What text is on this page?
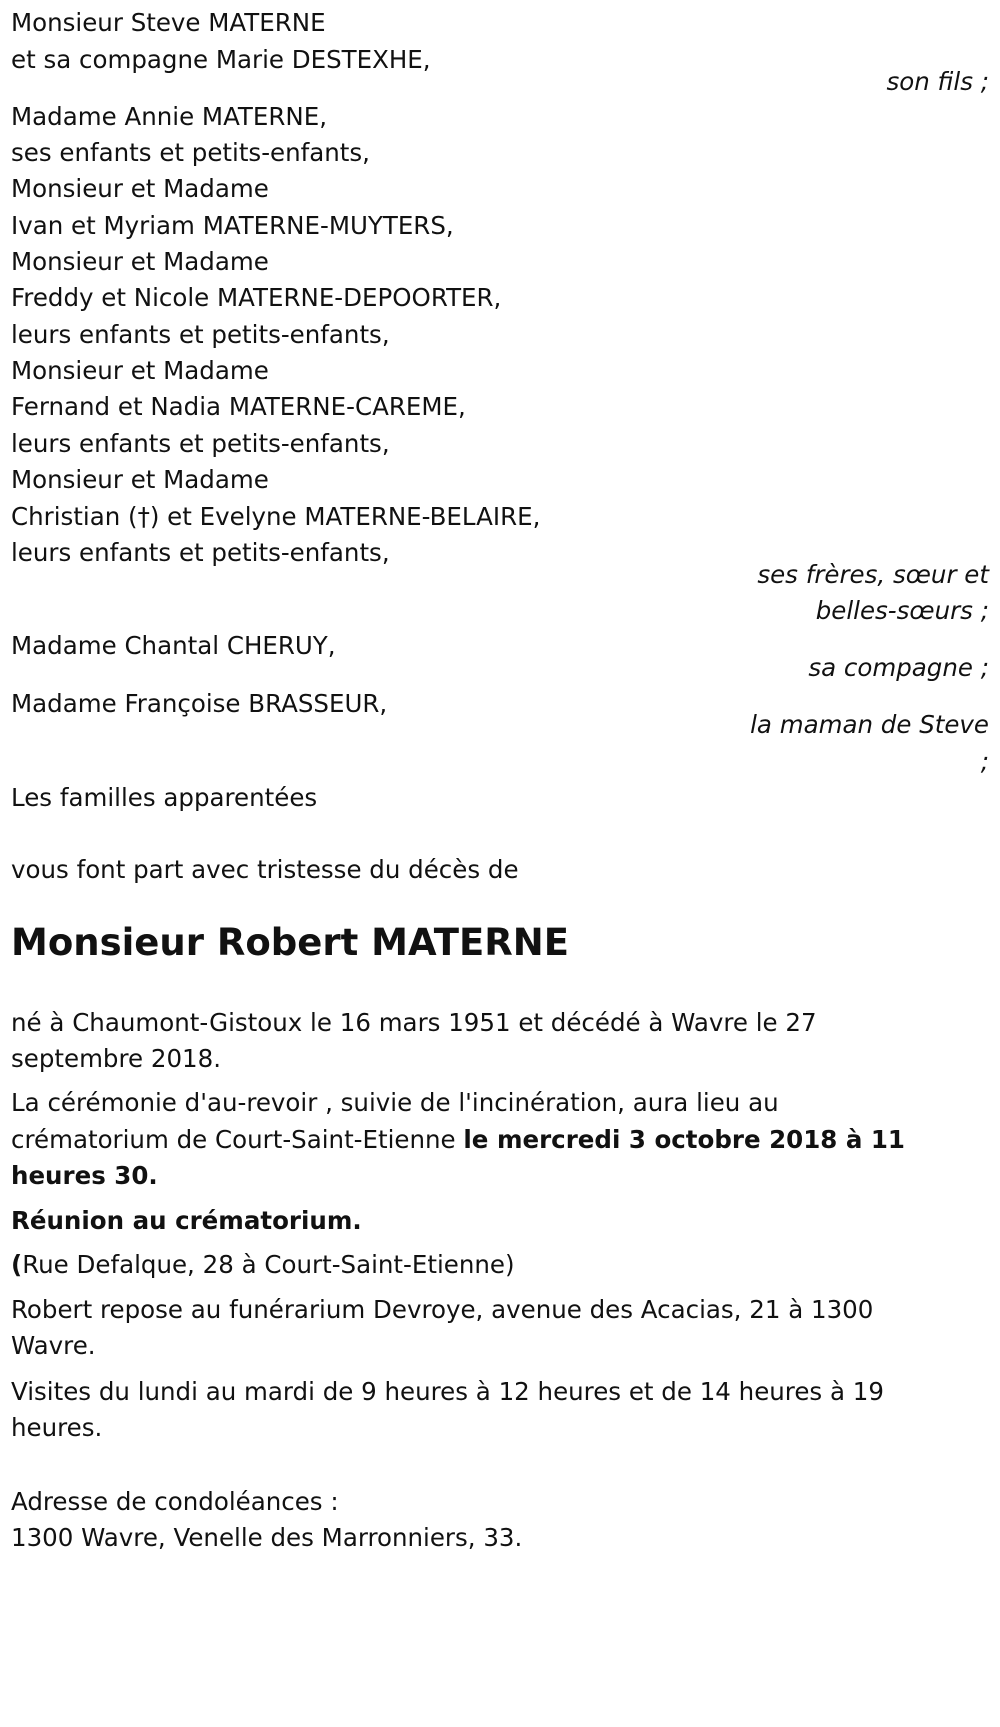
Monsieur Steve MATERNE
et sa compagne Marie DESTEXHE,
son fils ;
Madame Annie MATERNE,
ses enfants et petits-enfants,
Monsieur et Madame
Ivan et Myriam MATERNE-MUYTERS,
Monsieur et Madame
Freddy et Nicole MATERNE-DEPOORTER,
leurs enfants et petits-enfants,
Monsieur et Madame
Fernand et Nadia MATERNE-CAREME,
leurs enfants et petits-enfants,
Monsieur et Madame
Christian (†) et Evelyne MATERNE-BELAIRE,
leurs enfants et petits-enfants,
ses frères, sœur et
belles-sœurs ;
Madame Chantal CHERUY,
sa compagne ;
Madame Françoise BRASSEUR,
la maman de Steve
;
Les familles apparentées
vous font part avec tristesse du décès de
Monsieur Robert MATERNE
né à Chaumont-Gistoux le 16 mars 1951 et décédé à Wavre le 27
septembre 2018.
La cérémonie d'au-revoir , suivie de l'incinération, aura lieu au
crématorium de Court-Saint-Etienne le mercredi 3 octobre 2018 à 11
heures 30.
Réunion au crématorium.
(Rue Defalque, 28 à Court-Saint-Etienne)
Robert repose au funérarium Devroye, avenue des Acacias, 21 à 1300
Wavre.
Visites du lundi au mardi de 9 heures à 12 heures et de 14 heures à 19
heures.
Adresse de condoléances :
1300 Wavre, Venelle des Marronniers, 33.
